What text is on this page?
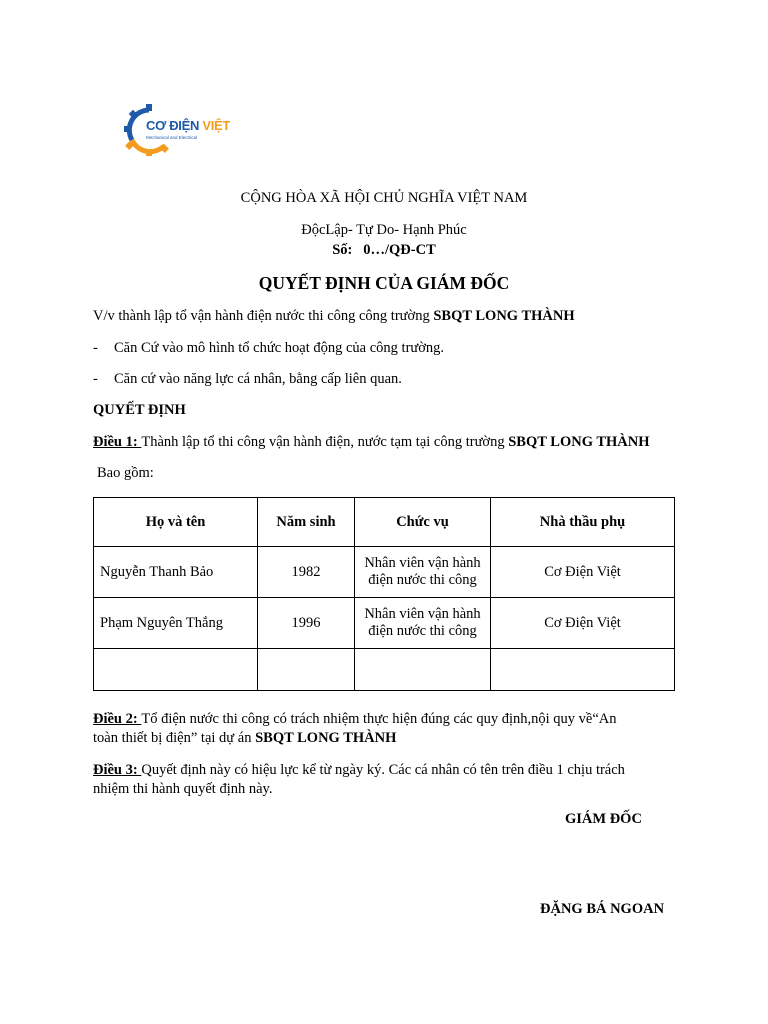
CƠ ĐIỆN VIỆT
Mechanical and Electrical
CỘNG HÒA XÃ HỘI CHỦ NGHĨA VIỆT NAM
ĐộcLập- Tự Do- Hạnh Phúc
Số:   0…/QĐ-CT
QUYẾT ĐỊNH CỦA GIÁM ĐỐC
V/v thành lập tổ vận hành điện nước thi công công trường SBQT LONG THÀNH
- Căn Cứ vào mô hình tổ chức hoạt động của công trường.
- Căn cứ vào năng lực cá nhân, bằng cấp liên quan.
QUYẾT ĐỊNH
Điều 1: Thành lập tổ thi công vận hành điện, nước tạm tại công trường SBQT LONG THÀNH
Bao gồm:
Họ và tên	Năm sinh	Chức vụ	Nhà thầu phụ
Nguyễn Thanh Bảo	1982	Nhân viên vận hành điện nước thi công	Cơ Điện Việt
Phạm Nguyên Thắng	1996	Nhân viên vận hành điện nước thi công	Cơ Điện Việt

Điều 2: Tổ điện nước thi công có trách nhiệm thực hiện đúng các quy định,nội quy về“An
toàn thiết bị điện” tại dự án SBQT LONG THÀNH
Điều 3: Quyết định này có hiệu lực kể từ ngày ký. Các cá nhân có tên trên điều 1 chịu trách
nhiệm thi hành quyết định này.
GIÁM ĐỐC
ĐẶNG BÁ NGOAN
